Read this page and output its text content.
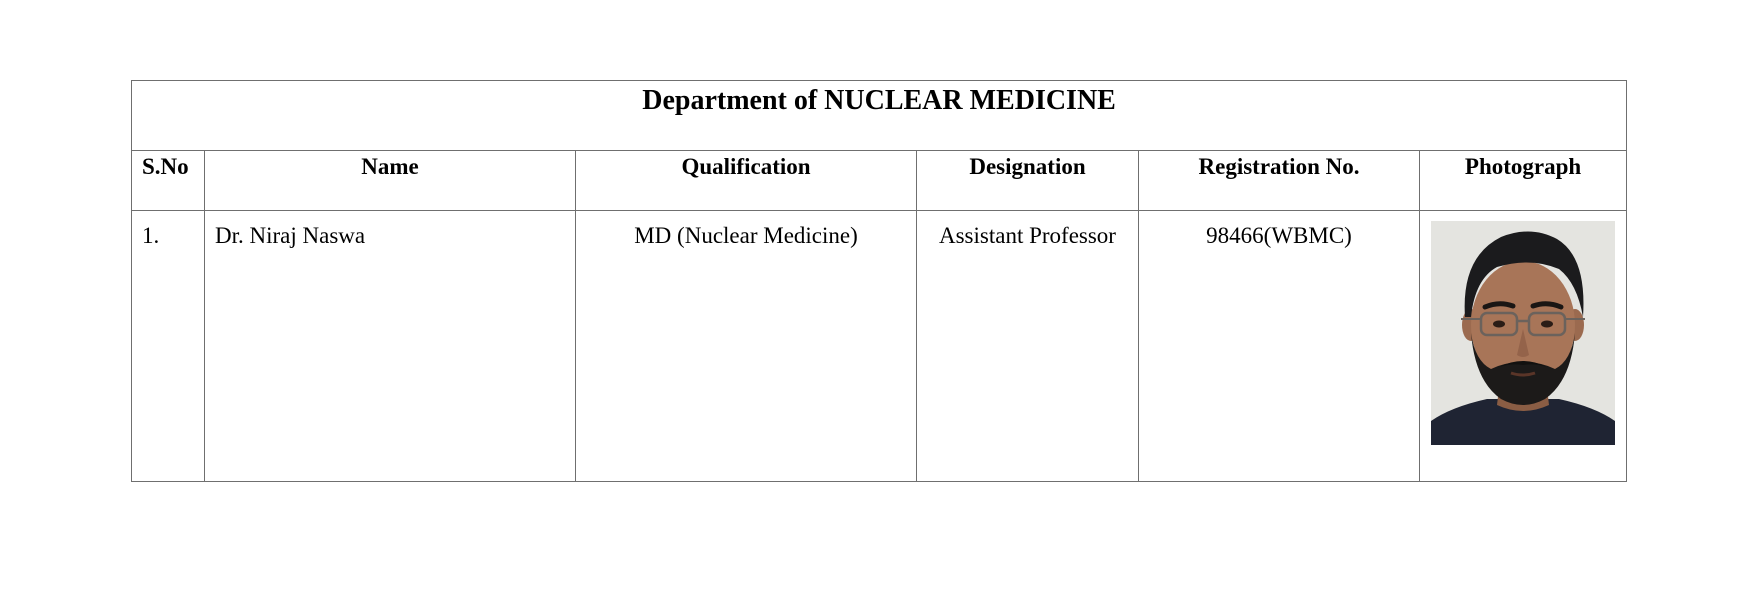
Department of NUCLEAR MEDICINE					
S.No	Name	Qualification	Designation	Registration No.	Photograph
1.	Dr. Niraj Naswa	MD (Nuclear Medicine)	Assistant Professor	98466(WBMC)	
